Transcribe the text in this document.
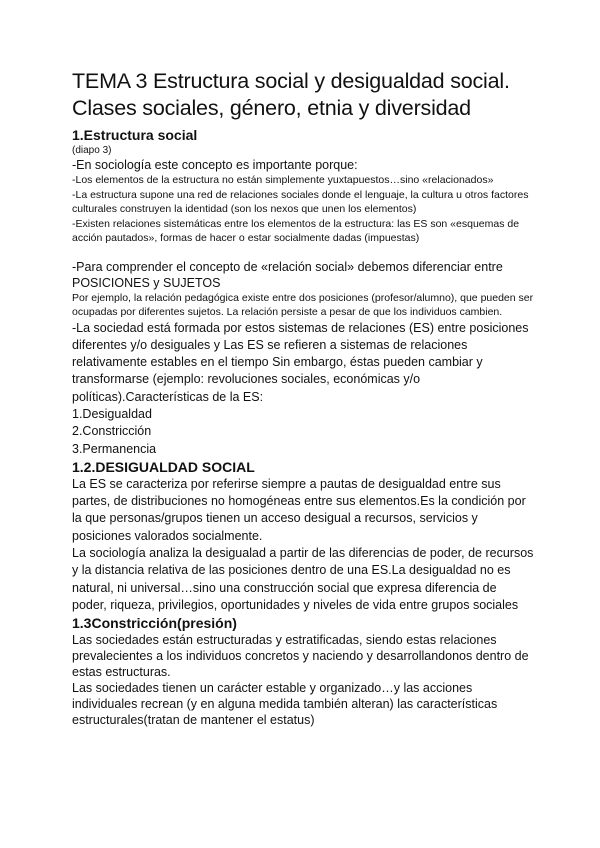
TEMA 3 Estructura social y desigualdad social.
Clases sociales, género, etnia y diversidad

1.Estructura social

(diapo 3)

-En sociología este concepto es importante porque:

-Los elementos de la estructura no están simplemente yuxtapuestos…sino «relacionados»

-La estructura supone una red de relaciones sociales donde el lenguaje, la cultura u otros factores culturales construyen la identidad (son los nexos que unen los elementos)

-Existen relaciones sistemáticas entre los elementos de la estructura: las ES son «esquemas de acción pautados», formas de hacer o estar socialmente dadas (impuestas)

-Para comprender el concepto de «relación social» debemos diferenciar entre POSICIONES y SUJETOS

Por ejemplo, la relación pedagógica existe entre dos posiciones (profesor/alumno), que pueden ser ocupadas por diferentes sujetos. La relación persiste a pesar de que los individuos cambien.

-La sociedad está formada por estos sistemas de relaciones (ES) entre posiciones diferentes y/o desiguales y Las ES se refieren a sistemas de relaciones relativamente estables en el tiempo Sin embargo, éstas pueden cambiar y transformarse (ejemplo: revoluciones sociales, económicas y/o políticas).Características de la ES:

1.Desigualdad

2.Constricción

3.Permanencia

1.2.DESIGUALDAD SOCIAL

La ES se caracteriza por referirse siempre a pautas de desigualdad entre sus partes, de distribuciones no homogéneas entre sus elementos.Es la condición por la que personas/grupos tienen un acceso desigual a recursos, servicios y posiciones valorados socialmente.

La sociología analiza la desigualad a partir de las diferencias de poder, de recursos y la distancia relativa de las posiciones dentro de una ES.La desigualdad no es natural, ni universal…sino una construcción social que expresa diferencia de poder, riqueza, privilegios, oportunidades y niveles de vida entre grupos sociales

1.3Constricción(presión)

Las sociedades están estructuradas y estratificadas, siendo estas relaciones prevalecientes a los individuos concretos y naciendo y desarrollandonos dentro de estas estructuras.

Las sociedades tienen un carácter estable y organizado…y las acciones individuales recrean (y en alguna medida también alteran) las características estructurales(tratan de mantener el estatus)
